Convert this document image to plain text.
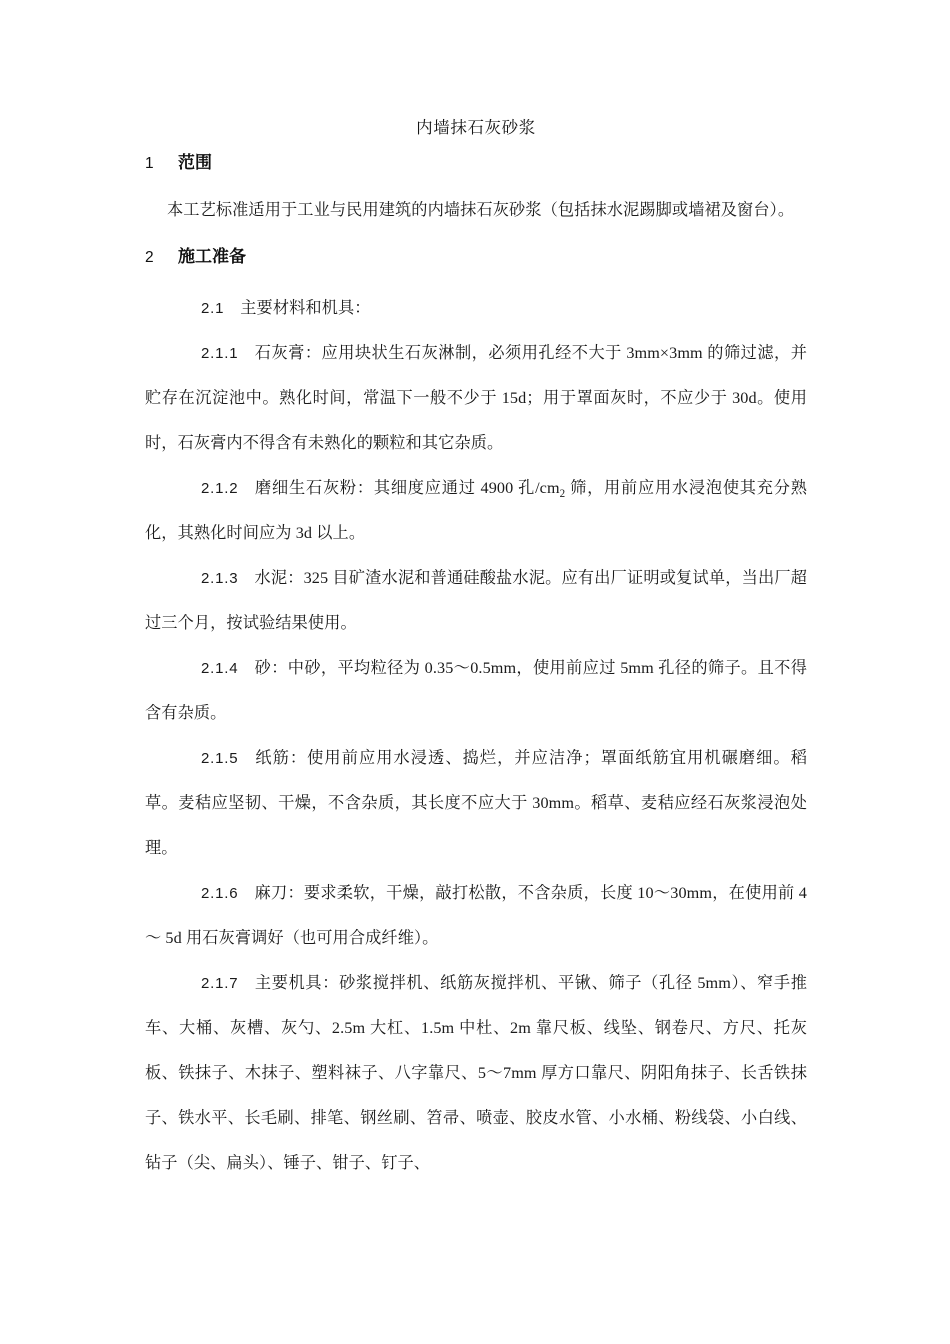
内墙抹石灰砂浆
1 范围

本工艺标准适用于工业与民用建筑的内墙抹石灰砂浆（包括抹水泥踢脚或墙裙及窗台）。

2 施工准备

2.1 主要材料和机具：

2.1.1 石灰膏：应用块状生石灰淋制，必须用孔经不大于 3mm×3mm 的筛过滤，并贮存在沉淀池中。熟化时间，常温下一般不少于 15d；用于罩面灰时，不应少于 30d。使用时，石灰膏内不得含有未熟化的颗粒和其它杂质。

2.1.2 磨细生石灰粉：其细度应通过 4900 孔$/cm_2$ 筛，用前应用水浸泡使其充分熟化，其熟化时间应为 3d 以上。

2.1.3 水泥：325 目矿渣水泥和普通硅酸盐水泥。应有出厂证明或复试单，当出厂超过三个月，按试验结果使用。

2.1.4 砂：中砂，平均粒径为 0.35～0.5mm，使用前应过 5mm 孔径的筛子。且不得含有杂质。

2.1.5 纸筋：使用前应用水浸透、捣烂，并应洁净；罩面纸筋宜用机碾磨细。稻草。麦秸应坚韧、干燥，不含杂质，其长度不应大于 30mm。稻草、麦秸应经石灰浆浸泡处理。

2.1.6 麻刀：要求柔软，干燥，敲打松散，不含杂质，长度 10～30mm，在使用前 4～ 5d 用石灰膏调好（也可用合成纤维）。

2.1.7 主要机具：砂浆搅拌机、纸筋灰搅拌机、平锹、筛子（孔径 5mm）、窄手推车、大桶、灰槽、灰勺、2.5m 大杠、1.5m 中杜、2m 靠尺板、线坠、钢卷尺、方尺、托灰板、铁抹子、木抹子、塑料袜子、八字靠尺、5～7mm 厚方口靠尺、阴阳角抹子、长舌铁抹子、铁水平、长毛刷、排笔、钢丝刷、笤帚、喷壶、胶皮水管、小水桶、粉线袋、小白线、钻子（尖、扁头）、锤子、钳子、钉子、
